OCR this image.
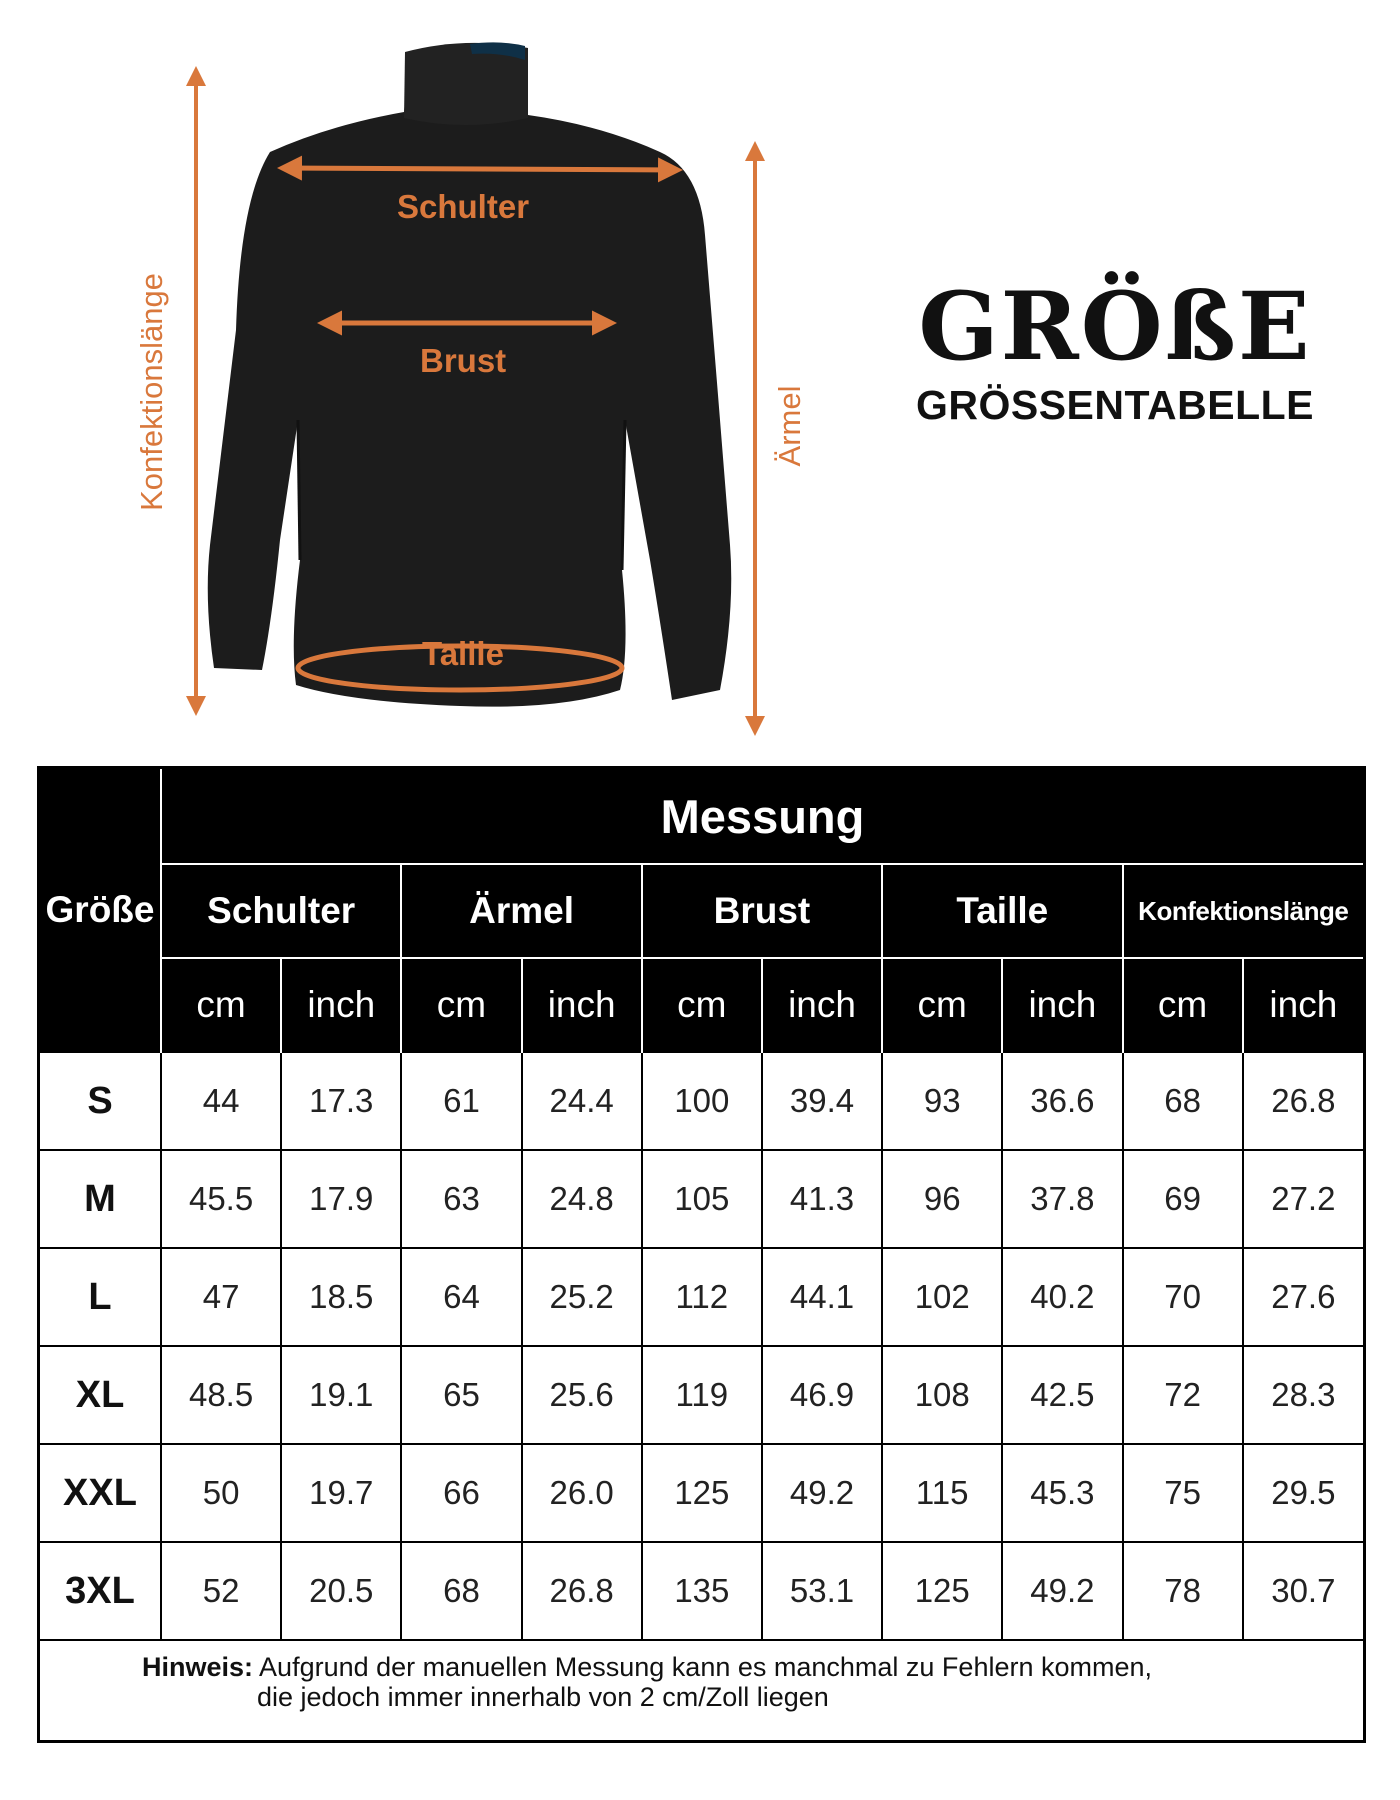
Schulter
Brust
Taille
Konfektionslänge	Ärmel
GRÖßE
GRÖSSENTABELLE
Größe	Messung									
	Schulter		Ärmel		Brust		Taille		Konfektionslänge	
	cm	inch	cm	inch	cm	inch	cm	inch	cm	inch
S	44	17.3	61	24.4	100	39.4	93	36.6	68	26.8
M	45.5	17.9	63	24.8	105	41.3	96	37.8	69	27.2
L	47	18.5	64	25.2	112	44.1	102	40.2	70	27.6
XL	48.5	19.1	65	25.6	119	46.9	108	42.5	72	28.3
XXL	50	19.7	66	26.0	125	49.2	115	45.3	75	29.5
3XL	52	20.5	68	26.8	135	53.1	125	49.2	78	30.7

Hinweis: Aufgrund der manuellen Messung kann es manchmal zu Fehlern kommen,
die jedoch immer innerhalb von 2 cm/Zoll liegen										
